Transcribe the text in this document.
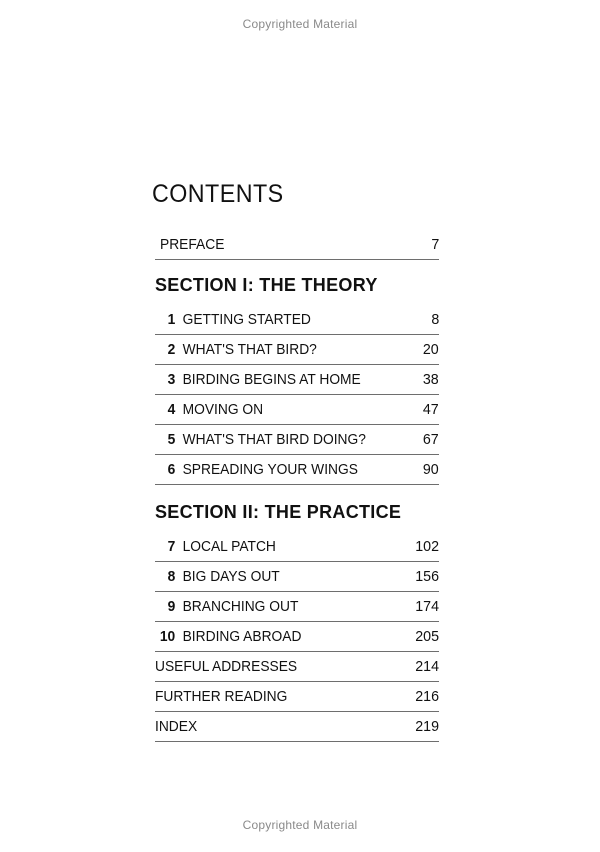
Copyrighted Material
CONTENTS
PREFACE	7
SECTION I: THE THEORY
1 GETTING STARTED	8
2 WHAT'S THAT BIRD?	20
3 BIRDING BEGINS AT HOME	38
4 MOVING ON	47
5 WHAT'S THAT BIRD DOING?	67
6 SPREADING YOUR WINGS	90
SECTION II: THE PRACTICE
7 LOCAL PATCH	102
8 BIG DAYS OUT	156
9 BRANCHING OUT	174
10 BIRDING ABROAD	205
USEFUL ADDRESSES	214
FURTHER READING	216
INDEX	219
Copyrighted Material
